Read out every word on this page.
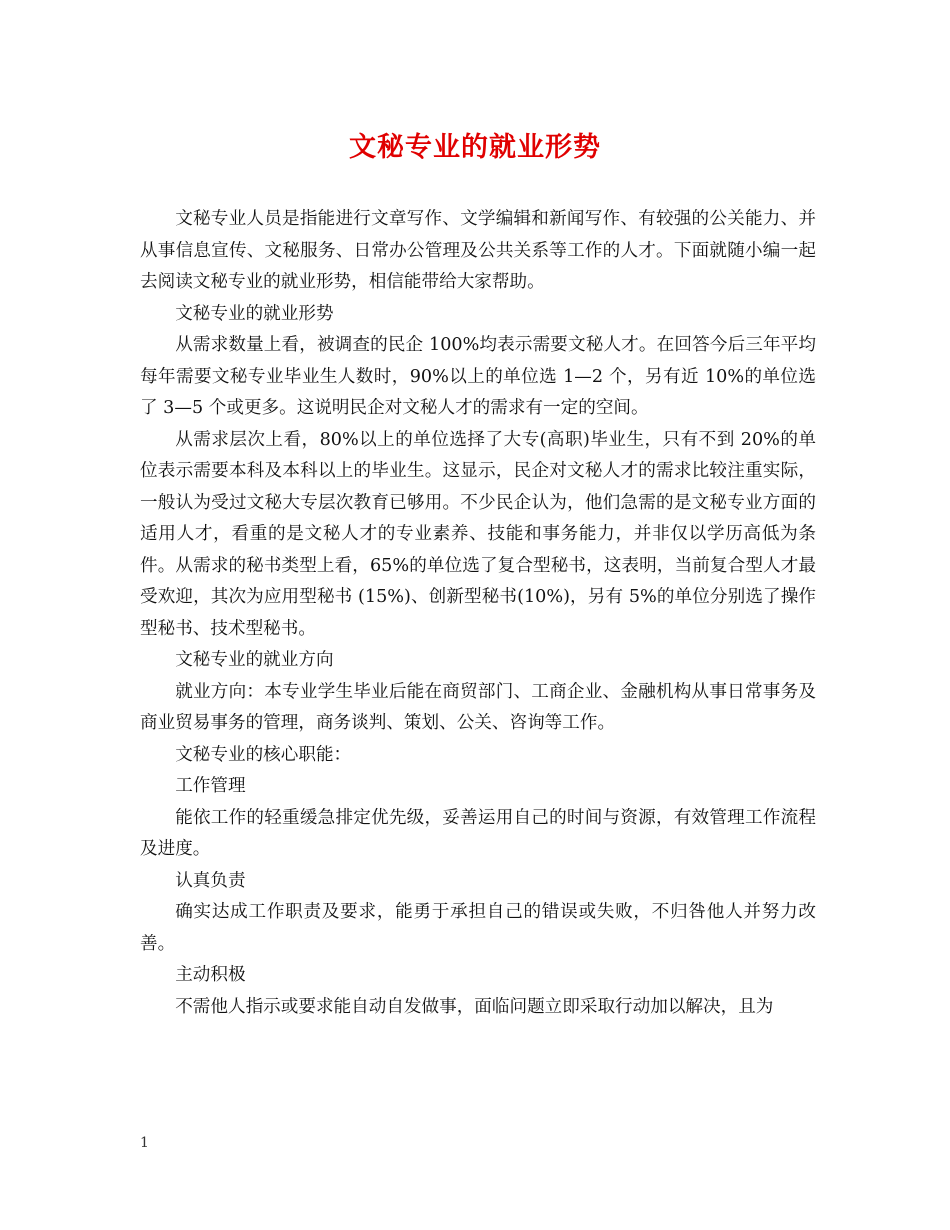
文秘专业的就业形势

文秘专业人员是指能进行文章写作、文学编辑和新闻写作、有较强的公关能力、并从事信息宣传、文秘服务、日常办公管理及公共关系等工作的人才。下面就随小编一起去阅读文秘专业的就业形势，相信能带给大家帮助。

文秘专业的就业形势

从需求数量上看，被调查的民企 100%均表示需要文秘人才。在回答今后三年平均每年需要文秘专业毕业生人数时，90%以上的单位选 1—2 个，另有近 10%的单位选了 3—5 个或更多。这说明民企对文秘人才的需求有一定的空间。

从需求层次上看，80%以上的单位选择了大专(高职)毕业生，只有不到 20%的单位表示需要本科及本科以上的毕业生。这显示，民企对文秘人才的需求比较注重实际，一般认为受过文秘大专层次教育已够用。不少民企认为，他们急需的是文秘专业方面的适用人才，看重的是文秘人才的专业素养、技能和事务能力，并非仅以学历高低为条件。从需求的秘书类型上看，65%的单位选了复合型秘书，这表明，当前复合型人才最受欢迎，其次为应用型秘书 (15%)、创新型秘书(10%)，另有 5%的单位分别选了操作型秘书、技术型秘书。

文秘专业的就业方向

就业方向：本专业学生毕业后能在商贸部门、工商企业、金融机构从事日常事务及商业贸易事务的管理，商务谈判、策划、公关、咨询等工作。

文秘专业的核心职能：

工作管理

能依工作的轻重缓急排定优先级，妥善运用自己的时间与资源，有效管理工作流程及进度。

认真负责

确实达成工作职责及要求，能勇于承担自己的错误或失败，不归咎他人并努力改善。

主动积极

不需他人指示或要求能自动自发做事，面临问题立即采取行动加以解决，且为

1
